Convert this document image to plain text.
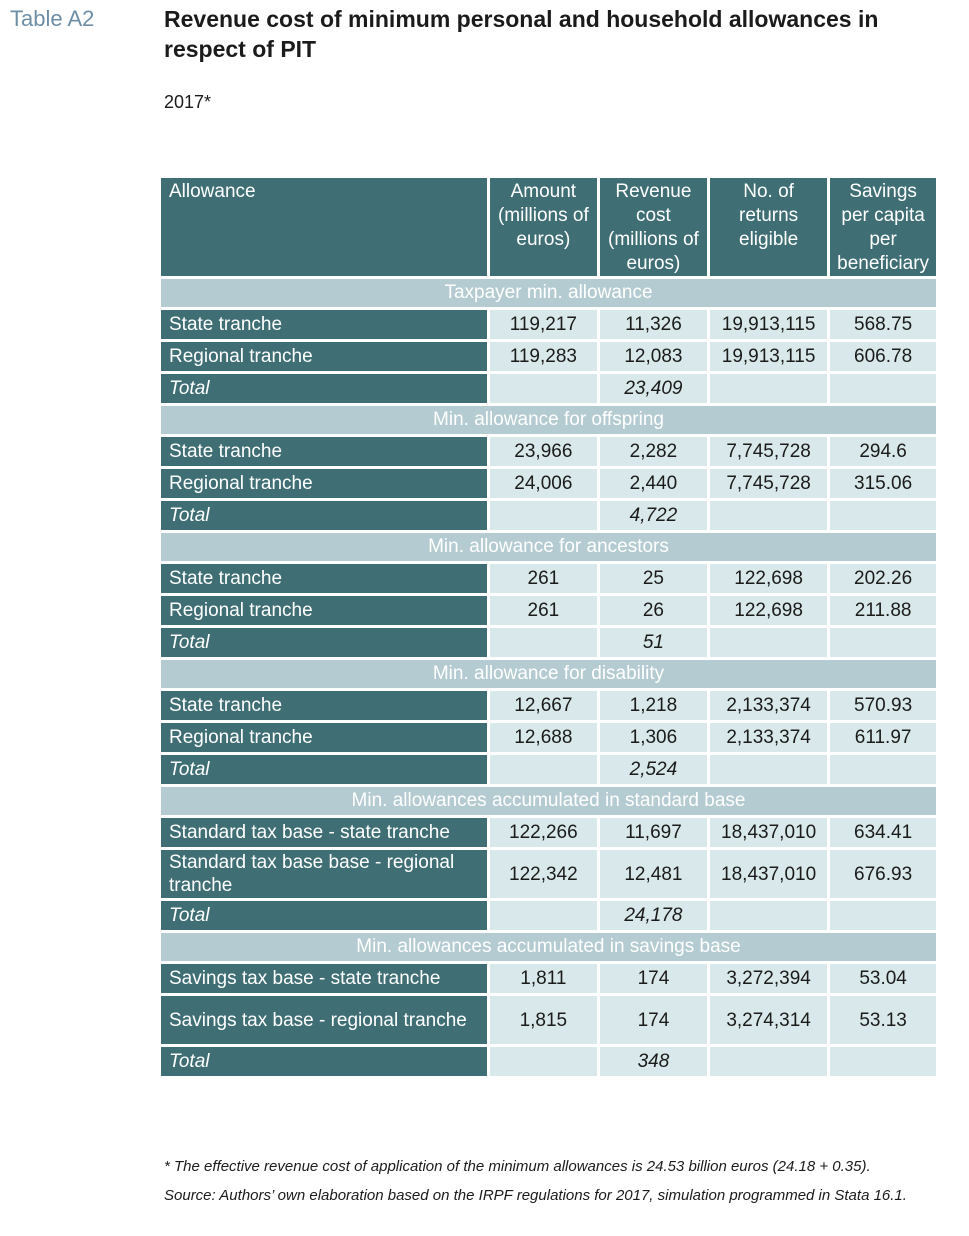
Table A2	Revenue cost of minimum personal and household allowances in respect of PIT
2017*
Allowance	Amount (millions of euros)	Revenue cost (millions of euros)	No. of returns eligible	Savings per capita per beneficiary
Taxpayer min. allowance				
State tranche	119,217	11,326	19,913,115	568.75
Regional tranche	119,283	12,083	19,913,115	606.78
Total		23,409		
Min. allowance for offspring				
State tranche	23,966	2,282	7,745,728	294.6
Regional tranche	24,006	2,440	7,745,728	315.06
Total		4,722		
Min. allowance for ancestors				
State tranche	261	25	122,698	202.26
Regional tranche	261	26	122,698	211.88
Total		51		
Min. allowance for disability				
State tranche	12,667	1,218	2,133,374	570.93
Regional tranche	12,688	1,306	2,133,374	611.97
Total		2,524		
Min. allowances accumulated in standard base				
Standard tax base - state tranche	122,266	11,697	18,437,010	634.41
Standard tax base base - regional tranche	122,342	12,481	18,437,010	676.93
Total		24,178		
Min. allowances accumulated in savings base				
Savings tax base - state tranche	1,811	174	3,272,394	53.04
Savings tax base - regional tranche	1,815	174	3,274,314	53.13
Total		348		
* The effective revenue cost of application of the minimum allowances is 24.53 billion euros (24.18 + 0.35).
Source: Authors’ own elaboration based on the IRPF regulations for 2017, simulation programmed in Stata 16.1.
